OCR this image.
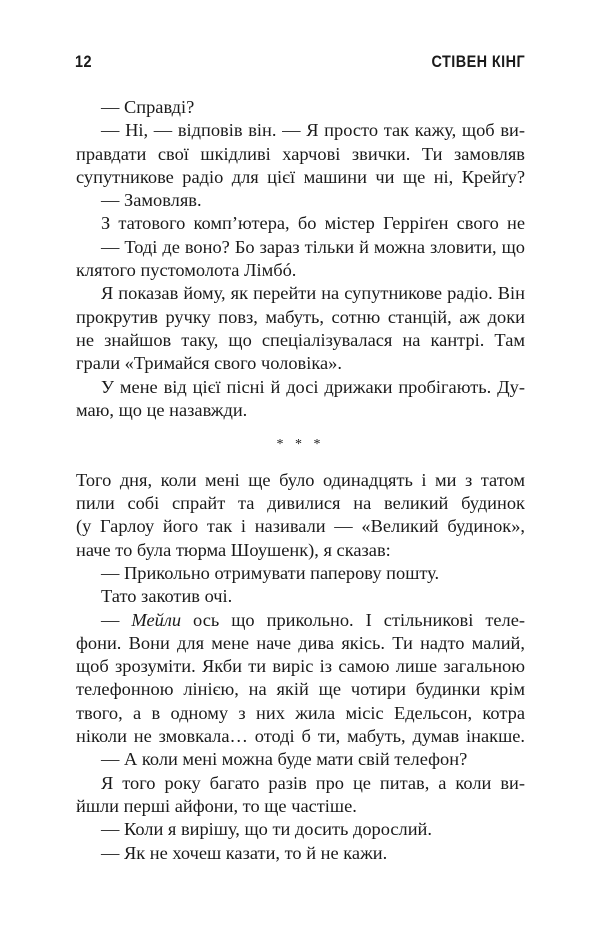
12	СТІВЕН КІНГ
— Справді?
— Ні, — відповів він. — Я просто так кажу, щоб ви-
правдати свої шкідливі харчові звички. Ти замовляв
супутникове радіо для цієї машини чи ще ні, Крейґу?
— Замовляв.
З татового комп’ютера, бо містер Герріґен свого не
— Тоді де воно? Бо зараз тільки й можна зловити, що
клятого пустомолота Лімбó.
Я показав йому, як перейти на супутникове радіо. Він
прокрутив ручку повз, мабуть, сотню станцій, аж доки
не знайшов таку, що спеціалізувалася на кантрі. Там
грали «Тримайся свого чоловіка».
У мене від цієї пісні й досі дрижаки пробігають. Ду-
маю, що це назавжди.
* * *
Того дня, коли мені ще було одинадцять і ми з татом
пили собі спрайт та дивилися на великий будинок
(у Гарлоу його так і називали — «Великий будинок»,
наче то була тюрма Шоушенк), я сказав:
— Прикольно отримувати паперову пошту.
Тато закотив очі.
— Мейли ось що прикольно. І стільникові теле-
фони. Вони для мене наче дива якісь. Ти надто малий,
щоб зрозуміти. Якби ти виріс із самою лише загальною
телефонною лінією, на якій ще чотири будинки крім
твого, а в одному з них жила місіс Едельсон, котра
ніколи не змовкала… отоді б ти, мабуть, думав інакше.
— А коли мені можна буде мати свій телефон?
Я того року багато разів про це питав, а коли ви-
йшли перші айфони, то ще частіше.
— Коли я вирішу, що ти досить дорослий.
— Як не хочеш казати, то й не кажи.
